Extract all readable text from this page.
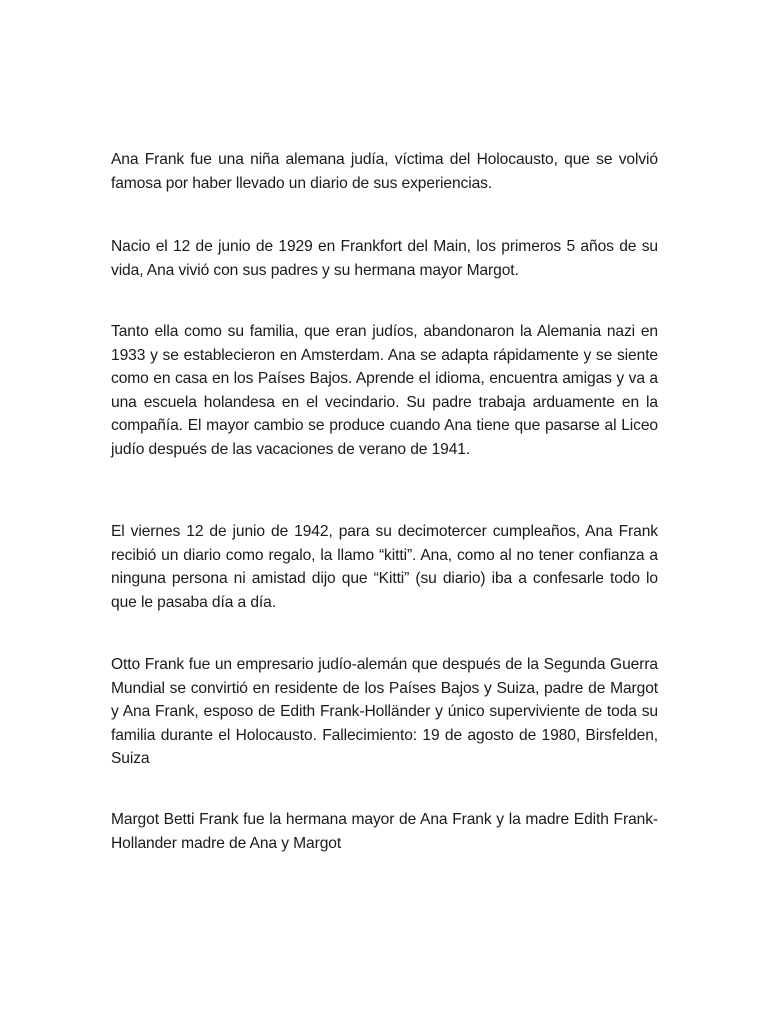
Ana Frank fue una niña alemana judía, víctima del Holocausto, que se volvió famosa por haber llevado un diario de sus experiencias.

Nacio el 12 de junio de 1929 en Frankfort del Main, los primeros 5 años de su vida, Ana vivió con sus padres y su hermana mayor Margot.

Tanto ella como su familia, que eran judíos, abandonaron la Alemania nazi en 1933 y se establecieron en Amsterdam. Ana se adapta rápidamente y se siente como en casa en los Países Bajos. Aprende el idioma, encuentra amigas y va a una escuela holandesa en el vecindario. Su padre trabaja arduamente en la compañía. El mayor cambio se produce cuando Ana tiene que pasarse al Liceo judío después de las vacaciones de verano de 1941.

El viernes 12 de junio de 1942, para su decimotercer cumpleaños, Ana Frank recibió un diario como regalo, la llamo “kitti”. Ana, como al no tener confianza a ninguna persona ni amistad dijo que “Kitti” (su diario) iba a confesarle todo lo que le pasaba día a día.

Otto Frank fue un empresario judío-alemán que después de la Segunda Guerra Mundial se convirtió en residente de los Países Bajos y Suiza, padre de Margot y Ana Frank, esposo de Edith Frank-Holländer y único superviviente de toda su familia durante el Holocausto. Fallecimiento: 19 de agosto de 1980, Birsfelden, Suiza

Margot Betti Frank fue la hermana mayor de Ana Frank y la madre Edith Frank-Hollander madre de Ana y Margot
